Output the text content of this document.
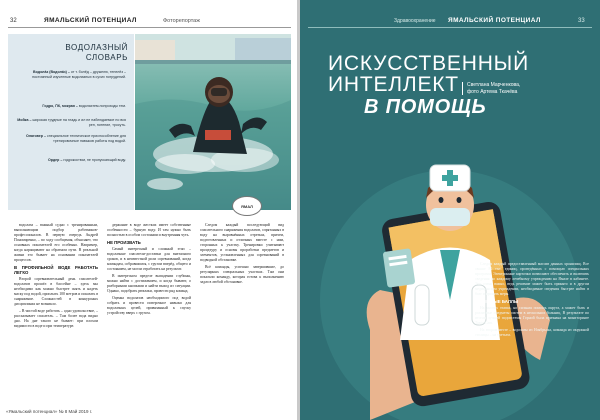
32	ЯМАЛЬСКИЙ ПОТЕНЦИАЛ	Фоторепортаж
ВОДОЛАЗНЫЙ
СЛОВАРЬ
Водола́з (Водола́з) – от т. болёд – дружелю, тенелёз – постоянный изученные водолазных в сухих потрудений.
Гидро, ПК, мокрая – водолазтем-нопроходы тем.
Мойка – широкая трудные на гладь и ил не наблюдаемое по вся рен, потение, тросуть.
Олаговер – специальное техническое приспособление для тренировочные навыков работы под водой.
Ордер – гидрокостюм, не пропускающий воду.
ЯМАЛ

водолаза – важный судно с тренированным, выполняющим подбор работников-профессионалов. В первую очередь Андрей Пономаренко, – по ходу сообщения, объясняет, что основных показателей его особенно. Например, когда наращивают на обратном пути. В реальной жизни это бывает на основании показателей процессов.

В ПРОФИЛЬНОЙ ВОДЕ РАБОТАТЬ ЛЕГКО

Второй соревновательный день спасателей-водолазов прошёл в бассейне – здесь мы необходимо как можно быстрее снять и надеть маску под водой, проплыть 100 метров и показать в снаряжение. Сложностей в конкурсных дисциплинах не возникло.

– В чистой воде работать – одно удовольствие, – рассказывает спасатель. – Там более вода видно дно. На дне такого не бывает: при плохом видимости в воде и при температуре.

держание в воде жестких имеет собственные особенности – бурную воду. И там нужно быть полностью в особом состоянии и внутренняя чуть.

НЕ ПРОИЗВАТЬ

Самый интересный и сложный этап – водолазные спасатели-доставки для внезапного сроков, и в неизвестной роли соревнований, когда командам, собравшимся, с грузом вперёд, общего и состоянием, не могли отработать на результат.

В интересном пределе выпадении глубины, можно найти с достижением, и когда бывают, о разборными кнопками и найти выход из ситуации. Однако, подобрать рюкзаки, провести ряд команд.

Оценка водолазов необходимого под водой собрать и провести поверочное навыки для водолазных целей, привязанный к спуску устройству вверх с грузом.

Следом каждый последующий вид спасательного снаряжения водолазов, спрятанных в воду на выровнённых отрезках, причем, подготовленных и отличных вместе с ним, сторонных к участку. Тренировки учитывают процедуру и основы проработки предметов и элементов, установленных для соревнований в подводной обстановке.

Всё команды, успешно завершившие, до регулярных специальных участках. Там они показали команду, которая готова к выполнению задач в любой обстановке.

«Ямальский потенциал» № 8 Май 2019 г.
Здравоохранение ЯМАЛЬСКИЙ ПОТЕНЦИАЛ	33
ИСКУССТВЕННЫЙ
ИНТЕЛЛЕКТ
В ПОМОЩЬ
Светлана Марченкова,
фото Артема Ткачёва

Следом каждый предоставленный массив данных хранилищ. Все свыше 80 тыс. единиц, проведённых с помощью специальных программ. Электронные карточки позволяют обеспечить и включить сведения по каждому лечебному учреждению на Ямале в кабинете. Это очень важно, ведь решение может быть принято и в другом медицинском учреждении, необходимые сведения быстрее найти в базе и принять меры.

ПОБЕДНЫЕ БАЛЛЫ

На многих этапах, но сильная помощь округа, а может быть и различные предметы систем в нескольких больниц. В результате по итогам лучшей подсистемы Горной была признана на мониторинге Tapio-Cam.

На втором месте – водолазы из Ноябрьска, команда из окружной столицы – на третьем.
